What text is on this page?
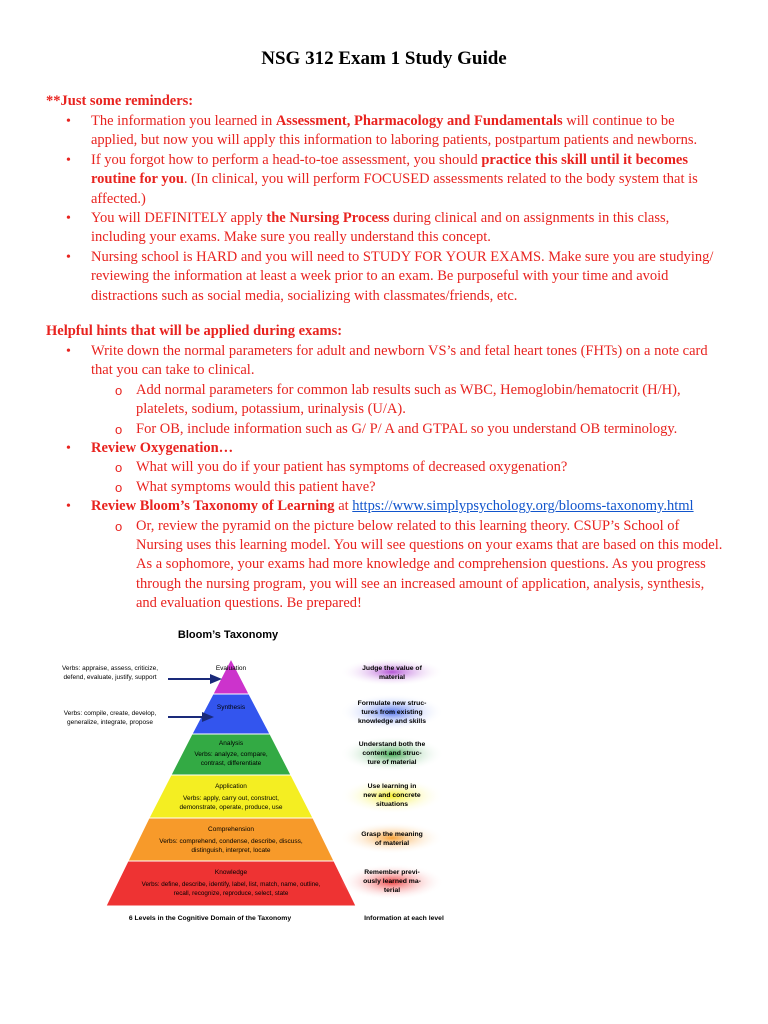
NSG 312 Exam 1 Study Guide
**Just some reminders:
• The information you learned in Assessment, Pharmacology and Fundamentals will continue to be applied, but now you will apply this information to laboring patients, postpartum patients and newborns.
• If you forgot how to perform a head-to-toe assessment, you should practice this skill until it becomes routine for you. (In clinical, you will perform FOCUSED assessments related to the body system that is affected.)
• You will DEFINITELY apply the Nursing Process during clinical and on assignments in this class, including your exams. Make sure you really understand this concept.
• Nursing school is HARD and you will need to STUDY FOR YOUR EXAMS. Make sure you are studying/ reviewing the information at least a week prior to an exam. Be purposeful with your time and avoid distractions such as social media, socializing with classmates/friends, etc.
Helpful hints that will be applied during exams:
• Write down the normal parameters for adult and newborn VS’s and fetal heart tones (FHTs) on a note card that you can take to clinical.
o Add normal parameters for common lab results such as WBC, Hemoglobin/hematocrit (H/H), platelets, sodium, potassium, urinalysis (U/A).
o For OB, include information such as G/ P/ A and GTPAL so you understand OB terminology.
• Review Oxygenation…
o What will you do if your patient has symptoms of decreased oxygenation?
o What symptoms would this patient have?
• Review Bloom’s Taxonomy of Learning at https://www.simplypsychology.org/blooms-taxonomy.html
o Or, review the pyramid on the picture below related to this learning theory. CSUP’s School of Nursing uses this learning model. You will see questions on your exams that are based on this model. As a sophomore, your exams had more knowledge and comprehension questions. As you progress through the nursing program, you will see an increased amount of application, analysis, synthesis, and evaluation questions. Be prepared!
Bloom’s Taxonomy
Evaluation
Synthesis
Analysis
Verbs: analyze, compare,
contrast, differentiate
Application
Verbs: apply, carry out, construct,
demonstrate, operate, produce, use
Comprehension
Verbs: comprehend, condense, describe, discuss,
distinguish, interpret, locate
Knowledge
Verbs: define, describe, identify, label, list, match, name, outline,
recall, recognize, reproduce, select, state
Verbs: appraise, assess, criticize,
defend, evaluate, justify, support
Verbs: compile, create, develop,
generalize, integrate, propose
Judge the value of
material
Formulate new struc-
tures from existing
knowledge and skills
Understand both the
content and struc-
ture of material
Use learning in
new and concrete
situations
Grasp the meaning
of material
Remember previ-
ously learned ma-
terial
6 Levels in the Cognitive Domain of the Taxonomy	Information at each level
